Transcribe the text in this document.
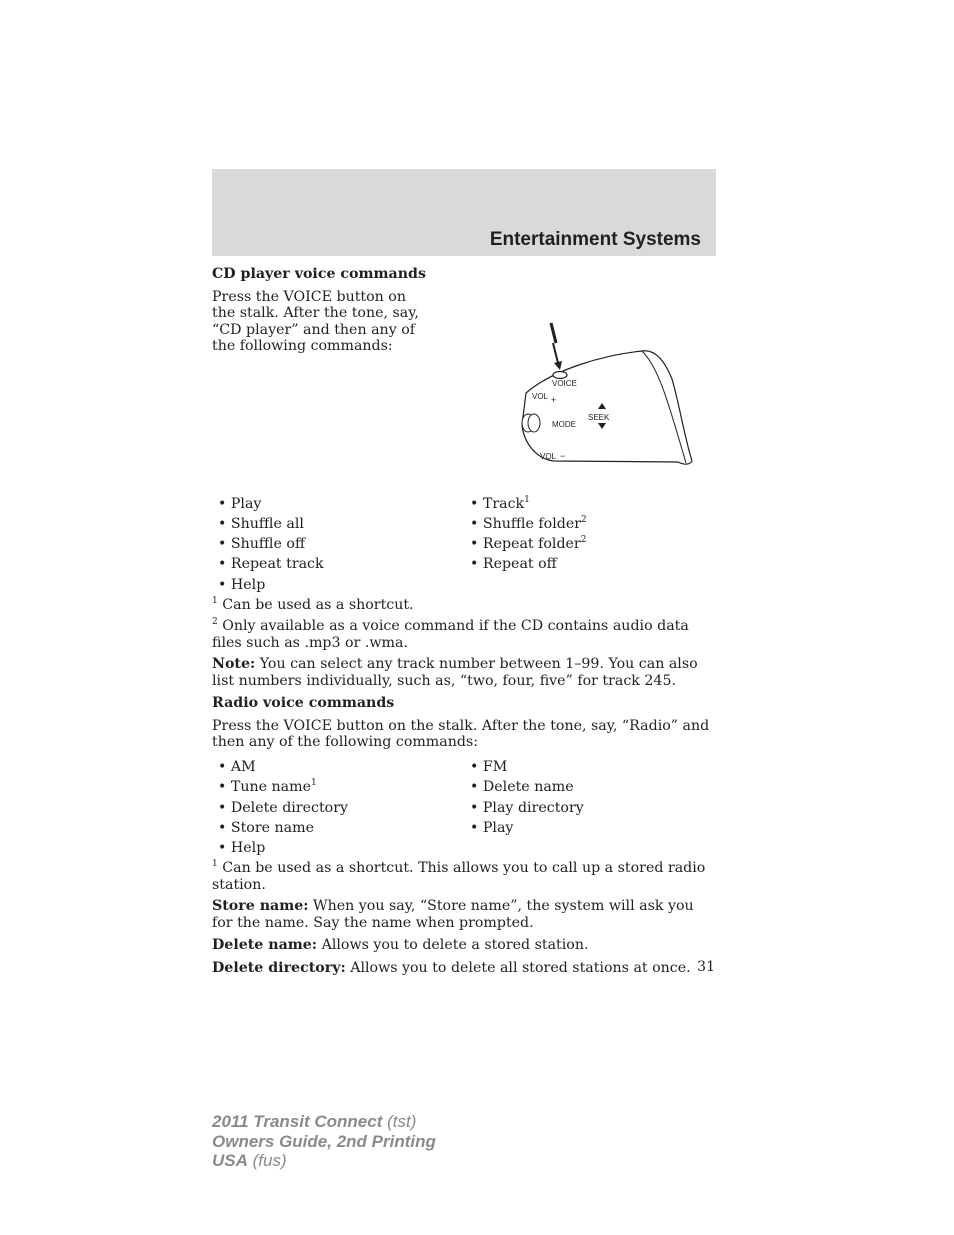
Entertainment Systems
CD player voice commands
Press the VOICE button on the stalk. After the tone, say, “CD player” and then any of the following commands:
VOICE
VOL +
MODE
SEEK
VOL −
• Play	• Track$^1$
• Shuffle all	• Shuffle folder$^2$
• Shuffle off	• Repeat folder$^2$
• Repeat track	• Repeat off
• Help
$^1$ Can be used as a shortcut.
$^2$ Only available as a voice command if the CD contains audio data files such as .mp3 or .wma.

Note: You can select any track number between 1–99. You can also list numbers individually, such as, “two, four, five” for track 245.

Radio voice commands

Press the VOICE button on the stalk. After the tone, say, “Radio” and then any of the following commands:

• AM	• FM
• Tune name$^1$	• Delete name
• Delete directory	• Play directory
• Store name	• Play
• Help
$^1$ Can be used as a shortcut. This allows you to call up a stored radio station.

Store name: When you say, “Store name”, the system will ask you for the name. Say the name when prompted.

Delete name: Allows you to delete a stored station.

Delete directory: Allows you to delete all stored stations at once. 31
2011 Transit Connect (tst)
Owners Guide, 2nd Printing
USA (fus)
